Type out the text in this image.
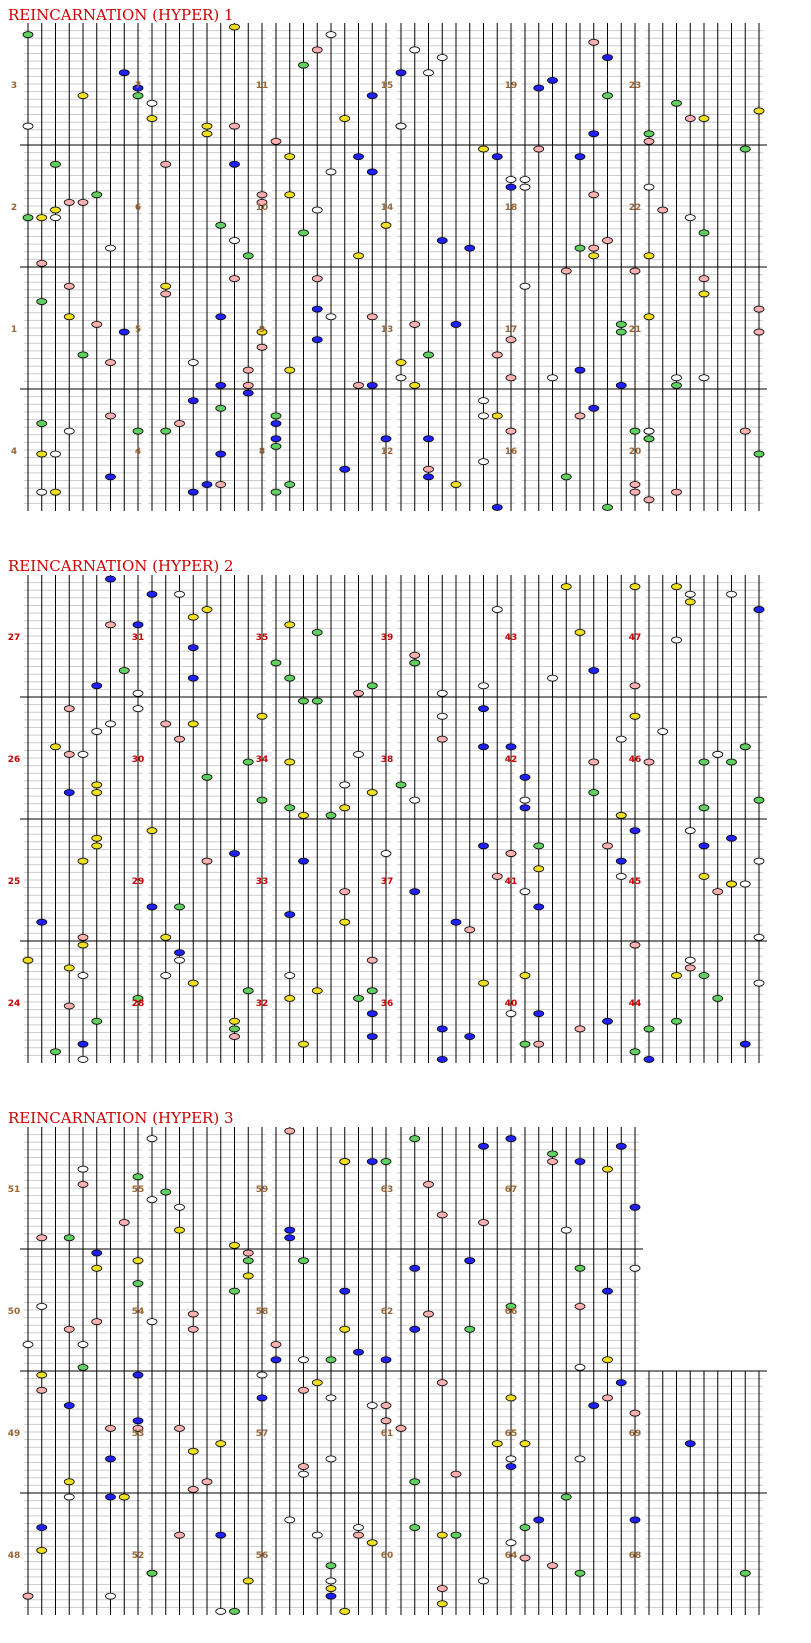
REINCARNATION (HYPER) 1
3
2
1
4
7
6
5
4
11
10
9
8
15
14
13
12
19
18
17
16
23
22
21
20
REINCARNATION (HYPER) 2
27
26
25
24
31
30
29
28
35
34
33
32
39
38
37
36
43
42
41
40
47
46
45
44
REINCARNATION (HYPER) 3
51
50
49
48
55
54
53
52
59
58
57
56
63
62
61
60
67
66
65
64
69
68
